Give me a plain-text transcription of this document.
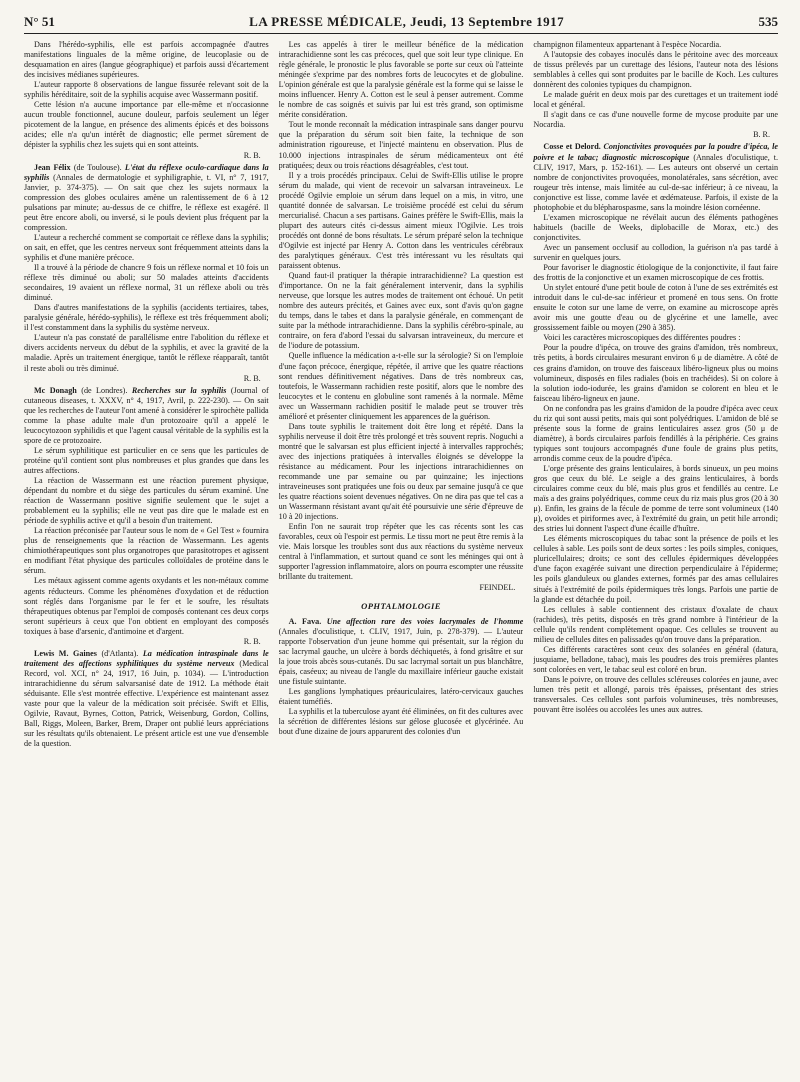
N° 51	LA PRESSE MÉDICALE, Jeudi, 13 Septembre 1917	535

Dans l'hérédo-syphilis, elle est parfois accompagnée d'autres manifestations linguales de la même origine, de leucoplasie ou de desquamation en aires (langue géographique) et parfois aussi d'écartement des incisives médianes supérieures.

L'auteur rapporte 8 observations de langue fissurée relevant soit de la syphilis héréditaire, soit de la syphilis acquise avec Wassermann positif.

Cette lésion n'a aucune importance par elle-même et n'occasionne aucun trouble fonctionnel, aucune douleur, parfois seulement un léger picotement de la langue, en présence des aliments épicés et des boissons acides; elle n'a qu'un intérêt de diagnostic; elle permet sûrement de dépister la syphilis chez les sujets qui en sont atteints.

R. B.

Jean Félix (de Toulouse). L'état du réflexe oculo-cardiaque dans la syphilis (Annales de dermatologie et syphiligraphie, t. VI, n° 7, 1917, Janvier, p. 374-375). — On sait que chez les sujets normaux la compression des globes oculaires amène un ralentissement de 6 à 12 pulsations par minute; au-dessus de ce chiffre, le réflexe est exagéré. Il peut être encore aboli, ou inversé, si le pouls devient plus fréquent par la compression.

L'auteur a recherché comment se comportait ce réflexe dans la syphilis; on sait, en effet, que les centres nerveux sont fréquemment atteints dans la syphilis et d'une manière précoce.

Il a trouvé à la période de chancre 9 fois un réflexe normal et 10 fois un réflexe très diminué ou aboli; sur 50 malades atteints d'accidents secondaires, 19 avaient un réflexe normal, 31 un réflexe aboli ou très diminué.

Dans d'autres manifestations de la syphilis (accidents tertiaires, tabes, paralysie générale, hérédo-syphilis), le réflexe est très fréquemment aboli; il l'est constamment dans la syphilis du système nerveux.

L'auteur n'a pas constaté de parallélisme entre l'abolition du réflexe et divers accidents nerveux du début de la syphilis, et avec la gravité de la maladie. Après un traitement énergique, tantôt le réflexe réapparaît, tantôt il reste aboli ou très diminué.

R. B.

Mc Donagh (de Londres). Recherches sur la syphilis (Journal of cutaneous diseases, t. XXXV, n° 4, 1917, Avril, p. 222-230). — On sait que les recherches de l'auteur l'ont amené à considérer le spirochète pallida comme la phase adulte male d'un protozoaire qu'il a appelé le leucocytozoon syphilidis et que l'agent causal véritable de la syphilis est la spore de ce protozoaire.

Le sérum syphilitique est particulier en ce sens que les particules de protéine qu'il contient sont plus nombreuses et plus grandes que dans les autres affections.

La réaction de Wassermann est une réaction purement physique, dépendant du nombre et du siège des particules du sérum examiné. Une réaction de Wassermann positive signifie seulement que le sujet a probablement eu la syphilis; elle ne veut pas dire que le malade est en période de syphilis active et qu'il a besoin d'un traitement.

La réaction préconisée par l'auteur sous le nom de « Gel Test » fournira plus de renseignements que la réaction de Wassermann. Les agents chimiothérapeutiques sont plus organotropes que parasitotropes et agissent en modifiant l'état physique des particules colloïdales de protéine dans le sérum.

Les métaux agissent comme agents oxydants et les non-métaux comme agents réducteurs. Comme les phénomènes d'oxydation et de réduction sont réglés dans l'organisme par le fer et le soufre, les résultats thérapeutiques obtenus par l'emploi de composés contenant ces deux corps seront supérieurs à ceux que l'on obtient en employant des composés toxiques à base d'arsenic, d'antimoine et d'argent.

R. B.

Lewis M. Gaines (d'Atlanta). La médication intraspinale dans le traitement des affections syphilitiques du système nerveux (Medical Record, vol. XCI, n° 24, 1917, 16 Juin, p. 1034). — L'introduction intrarachidienne du sérum salvarsanisé date de 1912. La méthode était séduisante. Elle s'est montrée effective. L'expérience est maintenant assez vaste pour que la valeur de la médication soit précisée. Swift et Ellis, Ogilvie, Ravaut, Byrnes, Cotton, Patrick, Weisenburg, Gordon, Collins, Ball, Riggs, Moleen, Barker, Brem, Draper ont publié leurs appréciations sur les résultats qu'ils obtenaient. Le présent article est une vue d'ensemble de la question.

Les cas appelés à tirer le meilleur bénéfice de la médication intrarachidienne sont les cas précoces, quel que soit leur type clinique. En règle générale, le pronostic le plus favorable se porte sur ceux où l'atteinte méningée s'exprime par des nombres forts de leucocytes et de globuline. L'opinion générale est que la paralysie générale est la forme qui se laisse le moins influencer. Henry A. Cotton est le seul à penser autrement. Comme le nombre de cas soignés et suivis par lui est très grand, son optimisme mérite considération.

Tout le monde reconnaît la médication intraspinale sans danger pourvu que la préparation du sérum soit bien faite, la technique de son administration rigoureuse, et l'injecté maintenu en observation. Plus de 10.000 injections intraspinales de sérum médicamenteux ont été pratiquées; deux ou trois réactions désagréables, c'est tout.

Il y a trois procédés principaux. Celui de Swift-Ellis utilise le propre sérum du malade, qui vient de recevoir un salvarsan intraveineux. Le procédé Ogilvie emploie un sérum dans lequel on a mis, in vitro, une quantité donnée de salvarsan. Le troisième procédé est celui du sérum mercurialisé. Chacun a ses partisans. Gaines préfère le Swift-Ellis, mais la plupart des auteurs cités ci-dessus aiment mieux l'Ogilvie. Les trois procédés ont donné de bons résultats. Le sérum préparé selon la technique d'Ogilvie est injecté par Henry A. Cotton dans les ventricules cérébraux des paralytiques généraux. C'est très intéressant vu les résultats qui paraissent obtenus.

Quand faut-il pratiquer la thérapie intrarachidienne? La question est d'importance. On ne la fait généralement intervenir, dans la syphilis nerveuse, que lorsque les autres modes de traitement ont échoué. Un petit nombre des auteurs précités, et Gaines avec eux, sont d'avis qu'on gagne du temps, dans le tabes et dans la paralysie générale, en commençant de suite par la méthode intrarachidienne. Dans la syphilis cérébro-spinale, au contraire, on fera d'abord l'essai du salvarsan intraveineux, du mercure et de l'iodure de potassium.

Quelle influence la médication a-t-elle sur la sérologie? Si on l'emploie d'une façon précoce, énergique, répétée, il arrive que les quatre réactions sont rendues définitivement négatives. Dans de très nombreux cas, toutefois, le Wassermann rachidien reste positif, alors que le nombre des leucocytes et le contenu en globuline sont ramenés à la normale. Même avec un Wassermann rachidien positif le malade peut se trouver très amélioré et présenter cliniquement les apparences de la guérison.

Dans toute syphilis le traitement doit être long et répété. Dans la syphilis nerveuse il doit être très prolongé et très souvent repris. Noguchi a montré que le salvarsan est plus efficient injecté à intervalles rapprochés; avec des injections pratiquées à intervalles éloignés se développe la résistance au médicament. Pour les injections intrarachidiennes on recommande une par semaine ou par quinzaine; les injections intraveineuses sont pratiquées une fois ou deux par semaine jusqu'à ce que les quatre réactions soient devenues négatives. On ne dira pas que tel cas a un Wassermann résistant avant qu'ait été poursuivie une série d'épreuve de 10 à 20 injections.

Enfin l'on ne saurait trop répéter que les cas récents sont les cas favorables, ceux où l'espoir est permis. Le tissu mort ne peut être remis à la vie. Mais lorsque les troubles sont dus aux réactions du système nerveux central à l'inflammation, et surtout quand ce sont les méninges qui ont à supporter l'agression inflammatoire, alors on pourra escompter une réussite brillante du traitement.

FEINDEL.
OPHTALMOLOGIE

A. Fava. Une affection rare des voies lacrymales de l'homme (Annales d'oculistique, t. CLIV, 1917, Juin, p. 278-379). — L'auteur rapporte l'observation d'un jeune homme qui présentait, sur la région du sac lacrymal gauche, un ulcère à bords déchiquetés, à fond grisâtre et sur la joue trois abcès sous-cutanés. Du sac lacrymal sortait un pus blanchâtre, épais, caséeux; au niveau de l'angle du maxillaire inférieur gauche existait une fistule suintante.

Les ganglions lymphatiques préauriculaires, latéro-cervicaux gauches étaient tuméfiés.

La syphilis et la tuberculose ayant été éliminées, on fit des cultures avec la sécrétion de différentes lésions sur gélose glucosée et glycérinée. Au bout d'une dizaine de jours apparurent des colonies d'un

champignon filamenteux appartenant à l'espèce Nocardia.

A l'autopsie des cobayes inoculés dans le péritoine avec des morceaux de tissus prélevés par un curettage des lésions, l'auteur nota des lésions semblables à celles qui sont produites par le bacille de Koch. Les cultures donnèrent des colonies typiques du champignon.

Le malade guérit en deux mois par des curettages et un traitement iodé local et général.

Il s'agit dans ce cas d'une nouvelle forme de mycose produite par une Nocardia.

B. R.

Cosse et Delord. Conjonctivites provoquées par la poudre d'ipéca, le poivre et le tabac; diagnostic microscopique (Annales d'oculistique, t. CLIV, 1917, Mars, p. 152-161). — Les auteurs ont observé un certain nombre de conjonctivites provoquées, monolatérales, sans sécrétion, avec rougeur très intense, mais limitée au cul-de-sac inférieur; à ce niveau, la conjonctive est lisse, comme lavée et œdémateuse. Parfois, il existe de la photophobie et du blépharospasme, sans la moindre lésion cornéenne.

L'examen microscopique ne révélait aucun des éléments pathogènes habituels (bacille de Weeks, diplobacille de Morax, etc.) des conjonctivites.

Avec un pansement occlusif au collodion, la guérison n'a pas tardé à survenir en quelques jours.

Pour favoriser le diagnostic étiologique de la conjonctivite, il faut faire des frottis de la conjonctive et un examen microscopique de ces frottis.

Un stylet entouré d'une petit boule de coton à l'une de ses extrémités est introduit dans le cul-de-sac inférieur et promené en tous sens. On frotte ensuite le coton sur une lame de verre, on examine au microscope après avoir mis une goutte d'eau ou de glycérine et une lamelle, avec grossissement faible ou moyen (290 à 385).

Voici les caractères microscopiques des différentes poudres :

Pour la poudre d'ipéca, on trouve des grains d'amidon, très nombreux, très petits, à bords circulaires mesurant environ 6 μ de diamètre. A côté de ces grains d'amidon, on trouve des faisceaux libéro-ligneux plus ou moins volumineux, disposés en files radiales (bois en trachéides). Si on colore à la solution iodo-iodurée, les grains d'amidon se colorent en bleu et le faisceau libéro-ligneux en jaune.

On ne confondra pas les grains d'amidon de la poudre d'ipéca avec ceux du riz qui sont aussi petits, mais qui sont polyédriques. L'amidon de blé se présente sous la forme de grains lenticulaires assez gros (50 μ de diamètre), à bords circulaires parfois fendillés à la périphérie. Ces grains typiques sont toujours accompagnés d'une foule de grains plus petits, arrondis comme ceux de la poudre d'ipéca.

L'orge présente des grains lenticulaires, à bords sinueux, un peu moins gros que ceux du blé. Le seigle a des grains lenticulaires, à bords circulaires comme ceux du blé, mais plus gros et fendillés au centre. Le maïs a des grains polyédriques, comme ceux du riz mais plus gros (20 à 30 μ). Enfin, les grains de la fécule de pomme de terre sont volumineux (140 μ), ovoïdes et piriformes avec, à l'extrémité du grain, un petit hile arrondi; des stries lui donnent l'aspect d'une écaille d'huître.

Les éléments microscopiques du tabac sont la présence de poils et les cellules à sable. Les poils sont de deux sortes : les poils simples, coniques, pluricellulaires; droits; ce sont des cellules épidermiques développées d'une façon exagérée suivant une direction perpendiculaire à l'épiderme; les poils glanduleux ou glandes externes, formés par des amas cellulaires situés à l'extrémité de poils épidermiques très longs. Parfois une partie de la glande est détachée du poil.

Les cellules à sable contiennent des cristaux d'oxalate de chaux (rachides), très petits, disposés en très grand nombre à l'intérieur de la cellule qu'ils rendent complètement opaque. Ces cellules se trouvent au milieu de cellules dites en palissades qu'on trouve dans la préparation.

Ces différents caractères sont ceux des solanées en général (datura, jusquiame, belladone, tabac), mais les poudres des trois premières plantes sont colorées en vert, le tabac seul est coloré en brun.

Dans le poivre, on trouve des cellules scléreuses colorées en jaune, avec lumen très petit et allongé, parois très épaisses, présentant des stries transversales. Ces cellules sont parfois volumineuses, très nombreuses, pouvant être isolées ou accolées les unes aux autres.
